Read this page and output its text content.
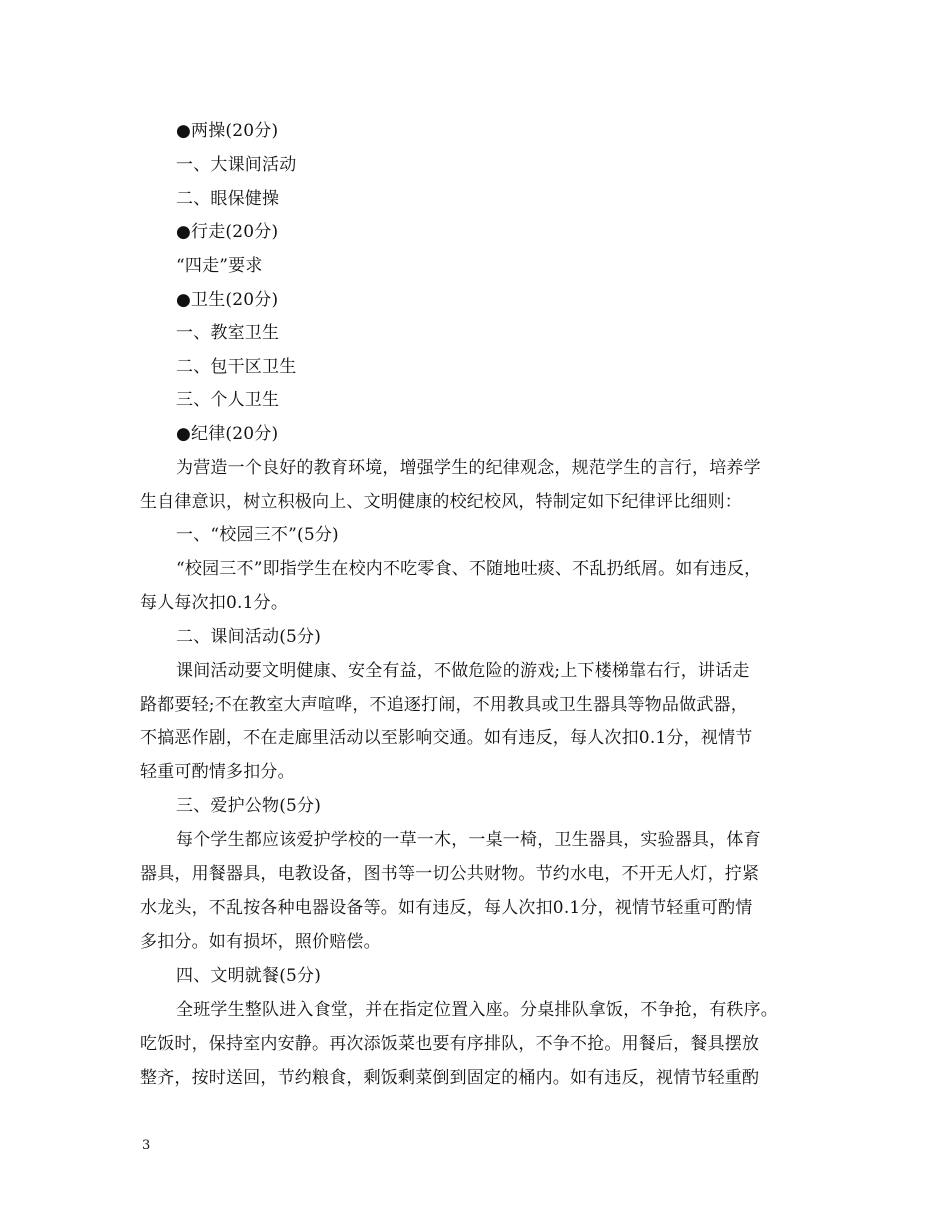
●两操(20分)
一、大课间活动
二、眼保健操
●行走(20分)
“四走”要求
●卫生(20分)
一、教室卫生
二、包干区卫生
三、个人卫生
●纪律(20分)
为营造一个良好的教育环境，增强学生的纪律观念，规范学生的言行，培养学
生自律意识，树立积极向上、文明健康的校纪校风，特制定如下纪律评比细则：
一、“校园三不”(5分)
“校园三不”即指学生在校内不吃零食、不随地吐痰、不乱扔纸屑。如有违反，
每人每次扣0.1分。
二、课间活动(5分)
课间活动要文明健康、安全有益，不做危险的游戏;上下楼梯靠右行，讲话走
路都要轻;不在教室大声喧哗，不追逐打闹，不用教具或卫生器具等物品做武器，
不搞恶作剧，不在走廊里活动以至影响交通。如有违反，每人次扣0.1分，视情节
轻重可酌情多扣分。
三、爱护公物(5分)
每个学生都应该爱护学校的一草一木，一桌一椅，卫生器具，实验器具，体育
器具，用餐器具，电教设备，图书等一切公共财物。节约水电，不开无人灯，拧紧
水龙头，不乱按各种电器设备等。如有违反，每人次扣0.1分，视情节轻重可酌情
多扣分。如有损坏，照价赔偿。
四、文明就餐(5分)
全班学生整队进入食堂，并在指定位置入座。分桌排队拿饭，不争抢，有秩序。
吃饭时，保持室内安静。再次添饭菜也要有序排队，不争不抢。用餐后，餐具摆放
整齐，按时送回，节约粮食，剩饭剩菜倒到固定的桶内。如有违反，视情节轻重酌
3
